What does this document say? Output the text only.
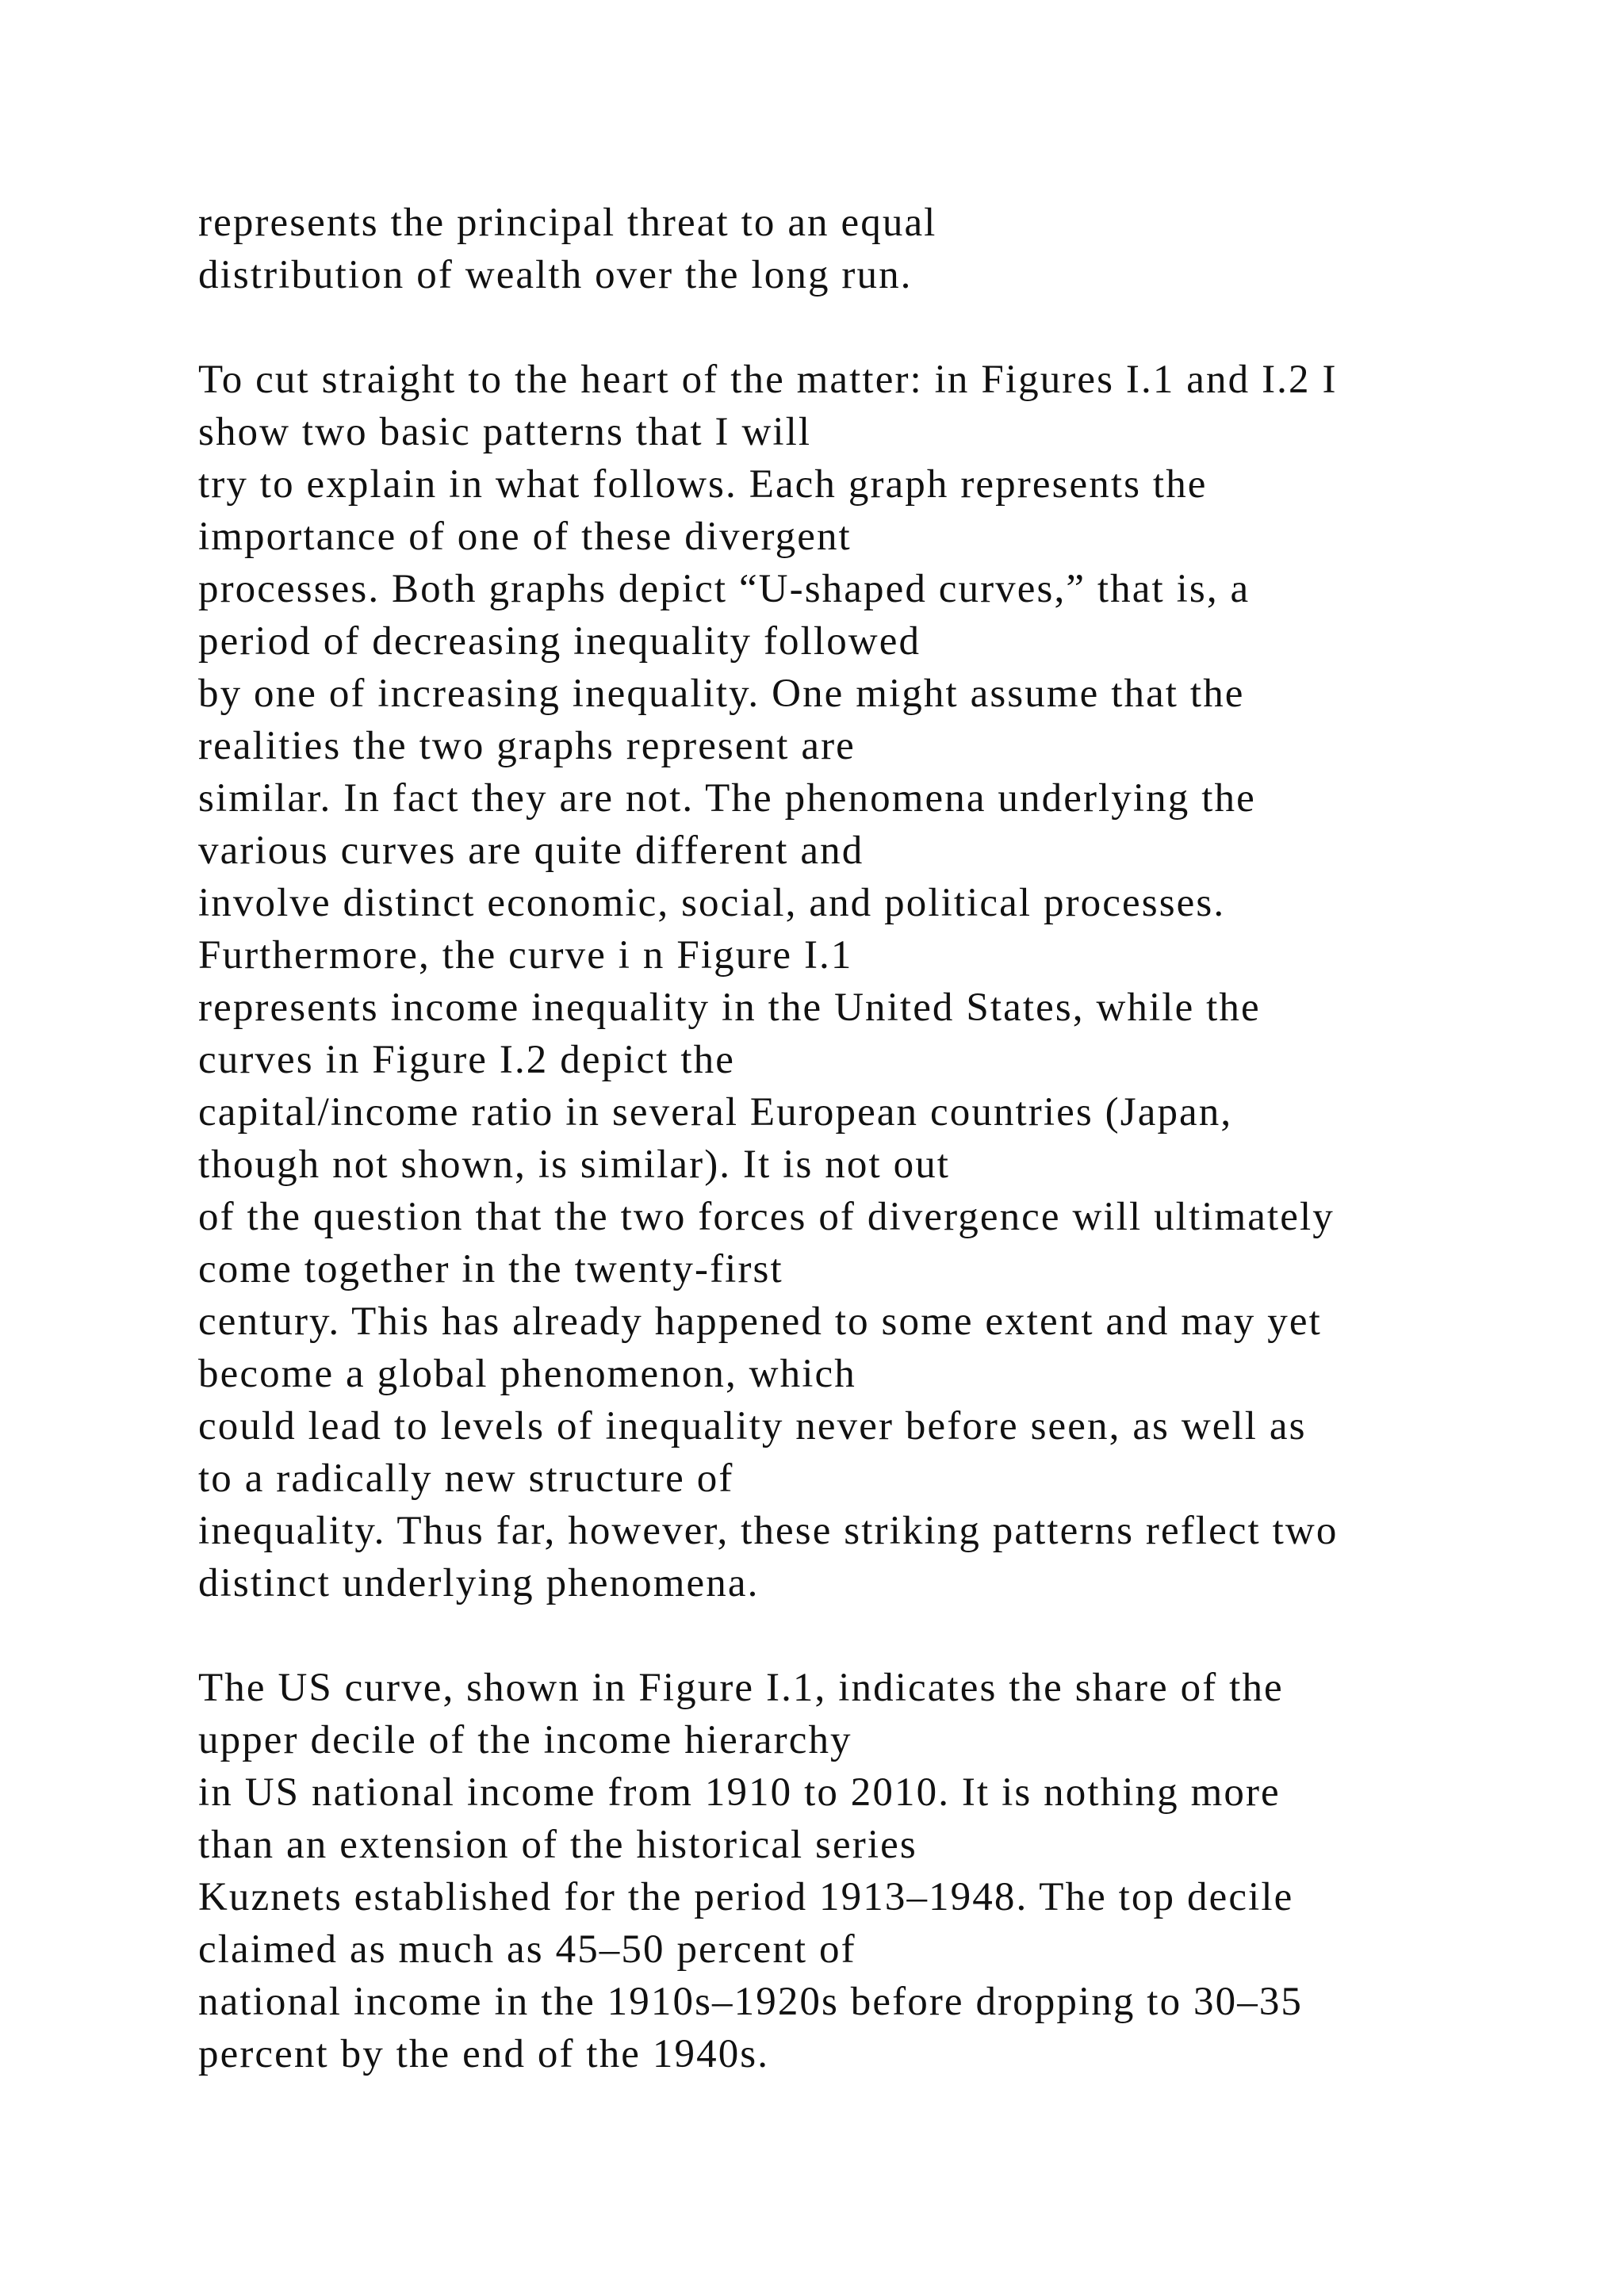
represents the principal threat to an equal
distribution of wealth over the long run.
To cut straight to the heart of the matter: in Figures I.1 and I.2 I
show two basic patterns that I will
try to explain in what follows. Each graph represents the
importance of one of these divergent
processes. Both graphs depict “U-shaped curves,” that is, a
period of decreasing inequality followed
by one of increasing inequality. One might assume that the
realities the two graphs represent are
similar. In fact they are not. The phenomena underlying the
various curves are quite different and
involve distinct economic, social, and political processes.
Furthermore, the curve i n Figure I.1
represents income inequality in the United States, while the
curves in Figure I.2 depict the
capital/income ratio in several European countries (Japan,
though not shown, is similar). It is not out
of the question that the two forces of divergence will ultimately
come together in the twenty-first
century. This has already happened to some extent and may yet
become a global phenomenon, which
could lead to levels of inequality never before seen, as well as
to a radically new structure of
inequality. Thus far, however, these striking patterns reflect two
distinct underlying phenomena.
The US curve, shown in Figure I.1, indicates the share of the
upper decile of the income hierarchy
in US national income from 1910 to 2010. It is nothing more
than an extension of the historical series
Kuznets established for the period 1913–1948. The top decile
claimed as much as 45–50 percent of
national income in the 1910s–1920s before dropping to 30–35
percent by the end of the 1940s.
